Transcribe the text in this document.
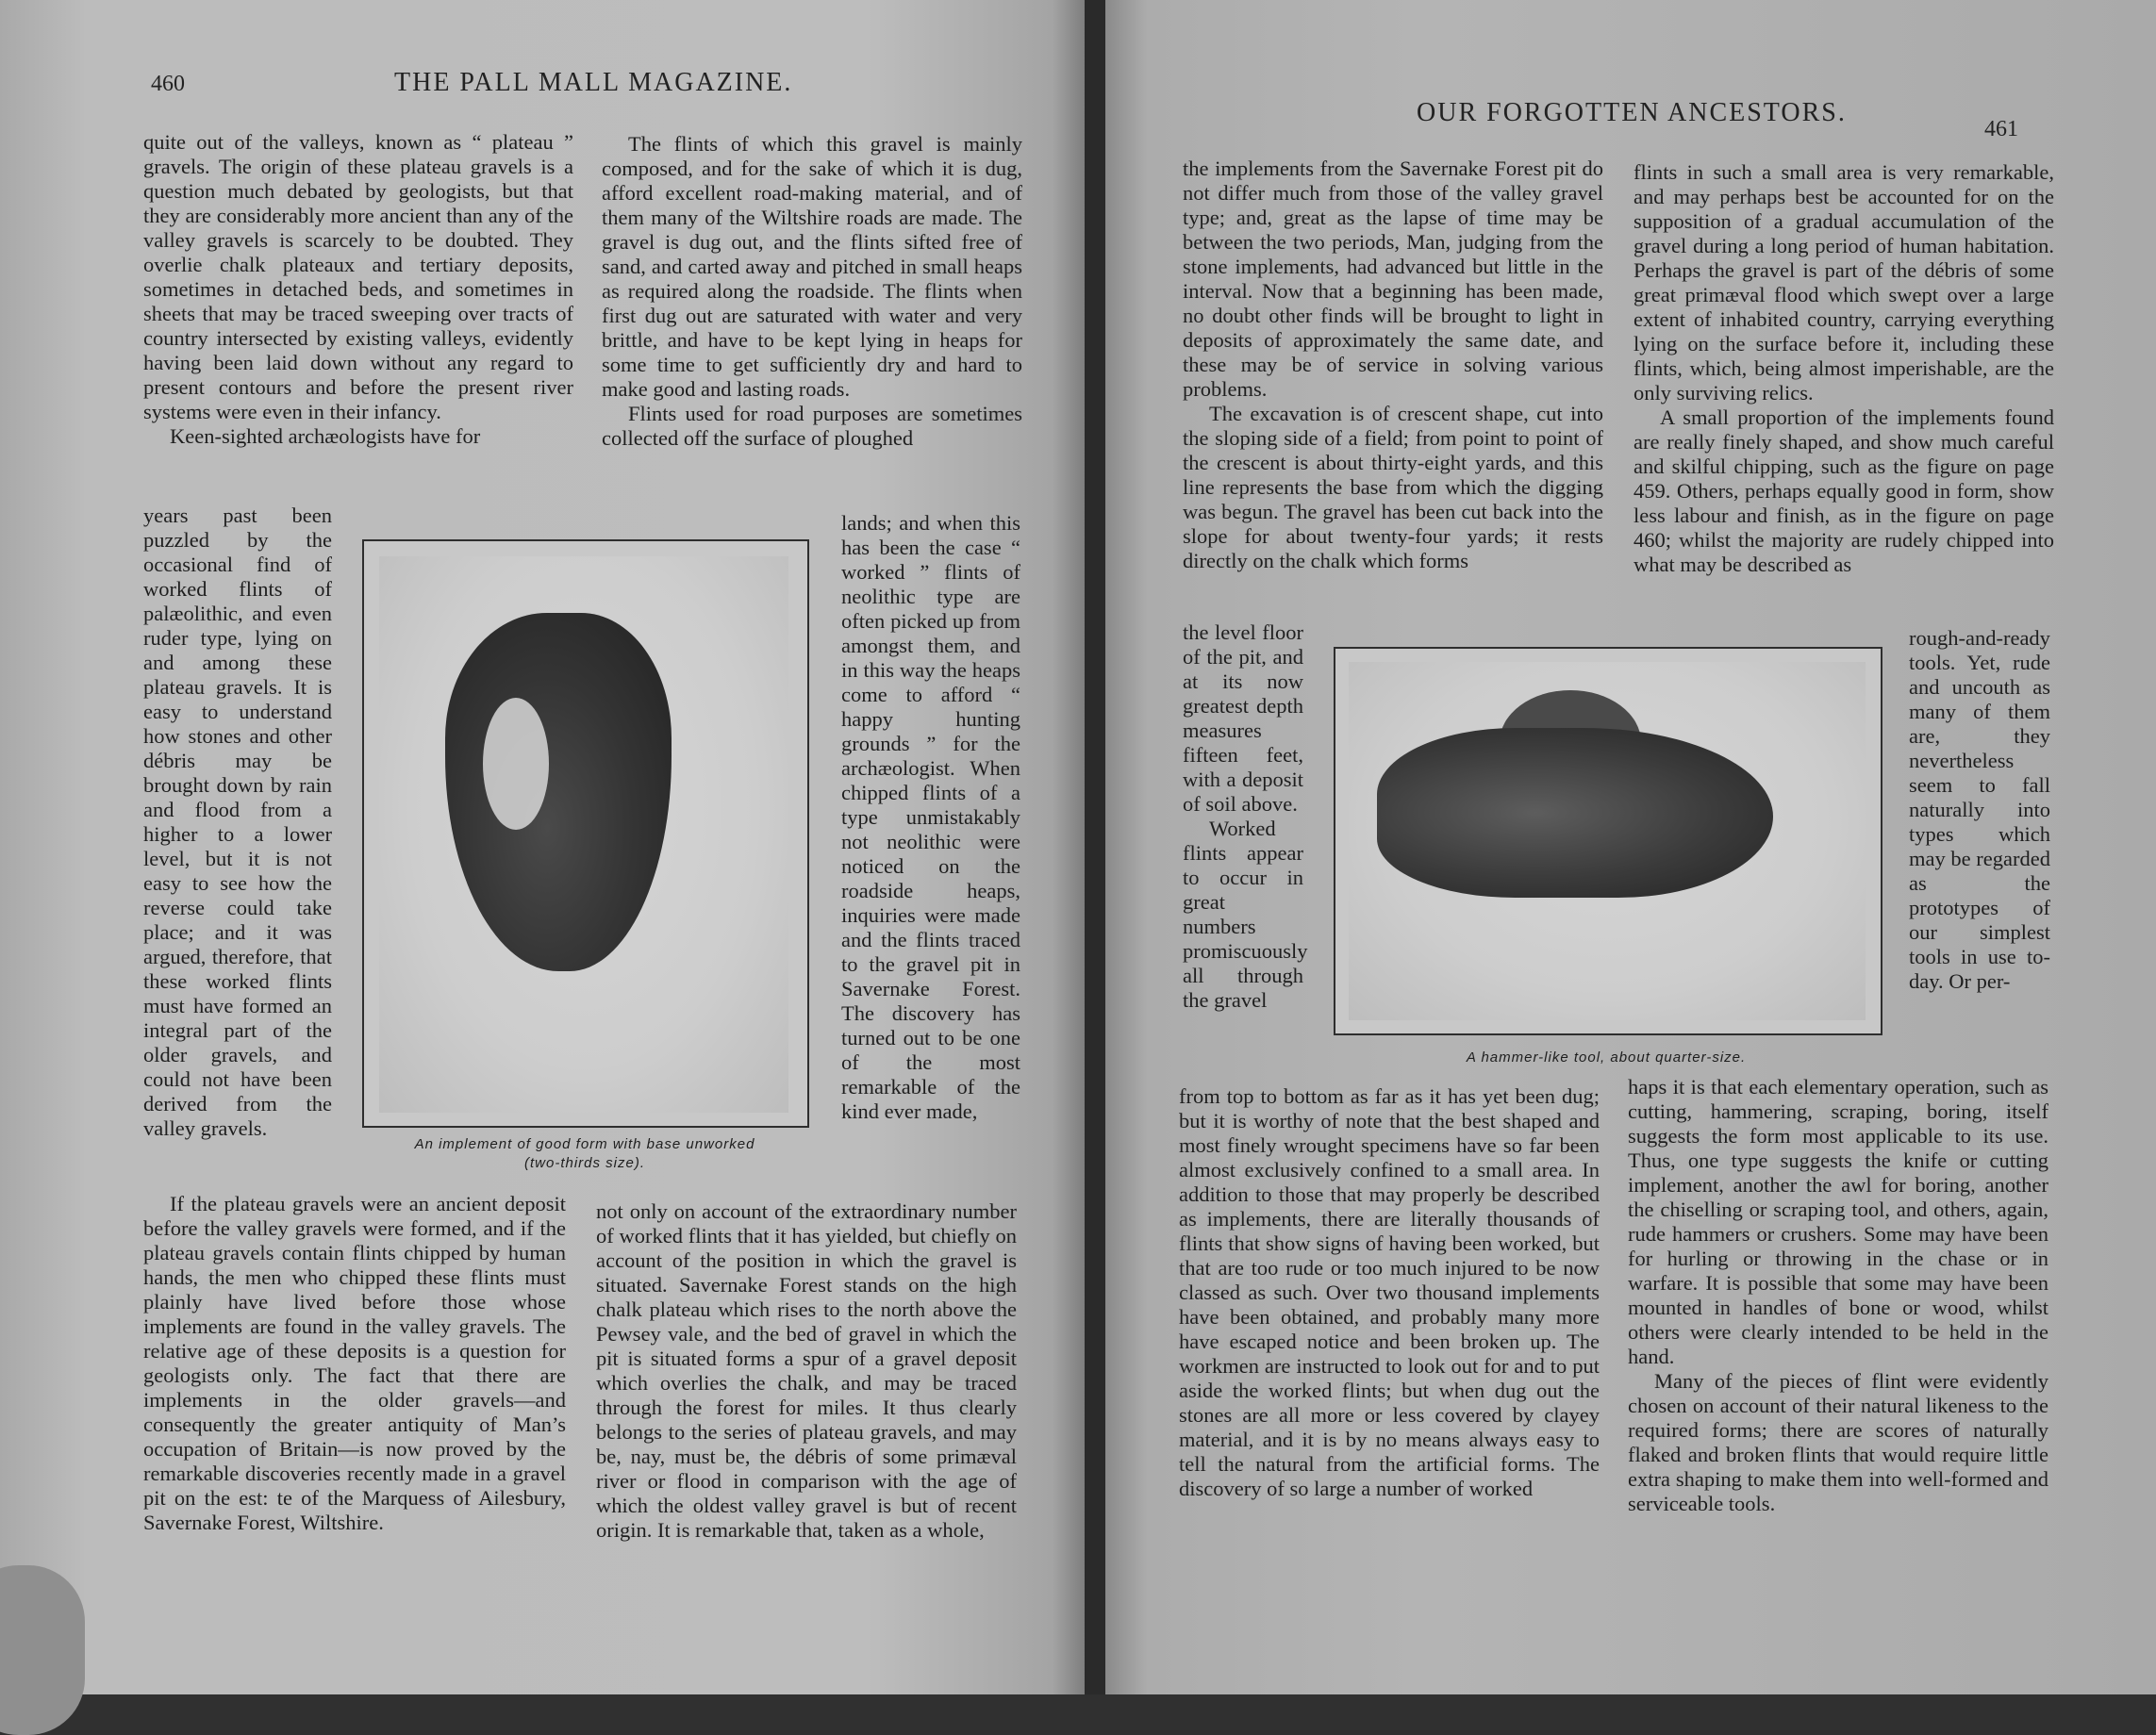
460	THE PALL MALL MAGAZINE.

quite out of the valleys, known as “ plateau ” gravels. The origin of these plateau gravels is a question much debated by geologists, but that they are considerably more ancient than any of the valley gravels is scarcely to be doubted. They overlie chalk plateaux and tertiary deposits, sometimes in detached beds, and sometimes in sheets that may be traced sweeping over tracts of country intersected by existing valleys, evidently having been laid down without any regard to present contours and before the present river systems were even in their infancy.

Keen-sighted archæologists have for

years past been puzzled by the occasional find of worked flints of palæolithic, and even ruder type, lying on and among these plateau gravels. It is easy to understand how stones and other débris may be brought down by rain and flood from a higher to a lower level, but it is not easy to see how the reverse could take place; and it was argued, therefore, that these worked flints must have formed an integral part of the older gravels, and could not have been derived from the valley gravels.

If the plateau gravels were an ancient deposit before the valley gravels were formed, and if the plateau gravels contain flints chipped by human hands, the men who chipped these flints must plainly have lived before those whose implements are found in the valley gravels. The relative age of these deposits is a question for geologists only. The fact that there are implements in the older gravels—and consequently the greater antiquity of Man’s occupation of Britain—is now proved by the remarkable discoveries recently made in a gravel pit on the est: te of the Marquess of Ailesbury, Savernake Forest, Wiltshire.

The flints of which this gravel is mainly composed, and for the sake of which it is dug, afford excellent road-making material, and of them many of the Wiltshire roads are made. The gravel is dug out, and the flints sifted free of sand, and carted away and pitched in small heaps as required along the roadside. The flints when first dug out are saturated with water and very brittle, and have to be kept lying in heaps for some time to get sufficiently dry and hard to make good and lasting roads.

Flints used for road purposes are sometimes collected off the surface of ploughed

lands; and when this has been the case “ worked ” flints of neolithic type are often picked up from amongst them, and in this way the heaps come to afford “ happy hunting grounds ” for the archæologist. When chipped flints of a type unmistakably not neolithic were noticed on the roadside heaps, inquiries were made and the flints traced to the gravel pit in Savernake Forest. The discovery has turned out to be one of the most remarkable of the kind ever made,

not only on account of the extraordinary number of worked flints that it has yielded, but chiefly on account of the position in which the gravel is situated. Savernake Forest stands on the high chalk plateau which rises to the north above the Pewsey vale, and the bed of gravel in which the pit is situated forms a spur of a gravel deposit which overlies the chalk, and may be traced through the forest for miles. It thus clearly belongs to the series of plateau gravels, and may be, nay, must be, the débris of some primæval river or flood in comparison with the age of which the oldest valley gravel is but of recent origin. It is remarkable that, taken as a whole,

An implement of good form with base unworked
(two-thirds size).
OUR FORGOTTEN ANCESTORS.
461

the implements from the Savernake Forest pit do not differ much from those of the valley gravel type; and, great as the lapse of time may be between the two periods, Man, judging from the stone implements, had advanced but little in the interval. Now that a beginning has been made, no doubt other finds will be brought to light in deposits of approximately the same date, and these may be of service in solving various problems.

The excavation is of crescent shape, cut into the sloping side of a field; from point to point of the crescent is about thirty-eight yards, and this line represents the base from which the digging was begun. The gravel has been cut back into the slope for about twenty-four yards; it rests directly on the chalk which forms

the level floor of the pit, and at its now greatest depth measures fifteen feet, with a deposit of soil above.

Worked flints appear to occur in great numbers promiscuously all through the gravel

from top to bottom as far as it has yet been dug; but it is worthy of note that the best shaped and most finely wrought specimens have so far been almost exclusively confined to a small area. In addition to those that may properly be described as implements, there are literally thousands of flints that show signs of having been worked, but that are too rude or too much injured to be now classed as such. Over two thousand implements have been obtained, and probably many more have escaped notice and been broken up. The workmen are instructed to look out for and to put aside the worked flints; but when dug out the stones are all more or less covered by clayey material, and it is by no means always easy to tell the natural from the artificial forms. The discovery of so large a number of worked

flints in such a small area is very remarkable, and may perhaps best be accounted for on the supposition of a gradual accumulation of the gravel during a long period of human habitation. Perhaps the gravel is part of the débris of some great primæval flood which swept over a large extent of inhabited country, carrying everything lying on the surface before it, including these flints, which, being almost imperishable, are the only surviving relics.

A small proportion of the implements found are really finely shaped, and show much careful and skilful chipping, such as the figure on page 459. Others, perhaps equally good in form, show less labour and finish, as in the figure on page 460; whilst the majority are rudely chipped into what may be described as

rough-and-ready tools. Yet, rude and uncouth as many of them are, they nevertheless seem to fall naturally into types which may be regarded as the prototypes of our simplest tools in use to-day. Or per-

haps it is that each elementary operation, such as cutting, hammering, scraping, boring, itself suggests the form most applicable to its use. Thus, one type suggests the knife or cutting implement, another the awl for boring, another the chiselling or scraping tool, and others, again, rude hammers or crushers. Some may have been for hurling or throwing in the chase or in warfare. It is possible that some may have been mounted in handles of bone or wood, whilst others were clearly intended to be held in the hand.

Many of the pieces of flint were evidently chosen on account of their natural likeness to the required forms; there are scores of naturally flaked and broken flints that would require little extra shaping to make them into well-formed and serviceable tools.

A hammer-like tool, about quarter-size.
